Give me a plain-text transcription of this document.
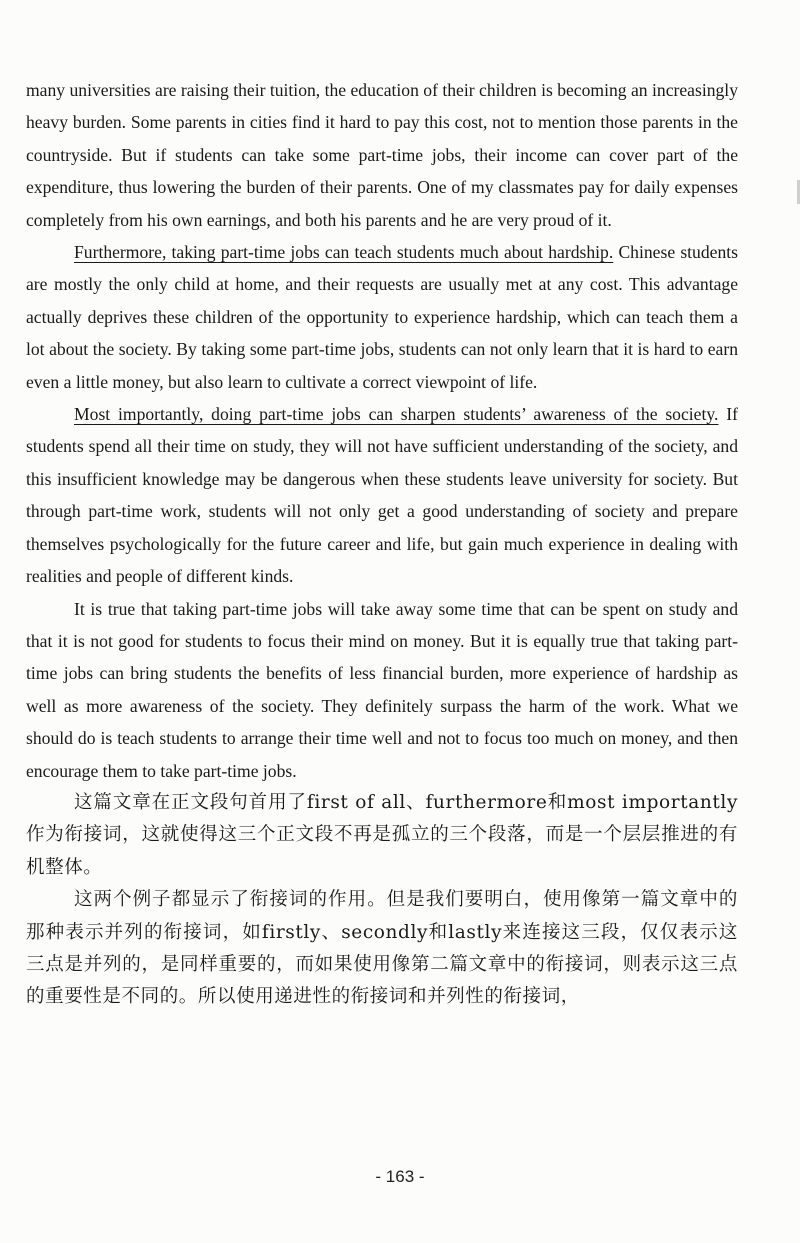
many universities are raising their tuition, the education of their children is becoming an increasingly heavy burden. Some parents in cities find it hard to pay this cost, not to mention those parents in the countryside. But if students can take some part-time jobs, their income can cover part of the expenditure, thus lowering the burden of their parents. One of my classmates pay for daily expenses completely from his own earnings, and both his parents and he are very proud of it.

Furthermore, taking part-time jobs can teach students much about hardship. Chinese students are mostly the only child at home, and their requests are usually met at any cost. This advantage actually deprives these children of the opportunity to experience hardship, which can teach them a lot about the society. By taking some part-time jobs, students can not only learn that it is hard to earn even a little money, but also learn to cultivate a correct viewpoint of life.

Most importantly, doing part-time jobs can sharpen students’ awareness of the society. If students spend all their time on study, they will not have sufficient understanding of the society, and this insufficient knowledge may be dangerous when these students leave university for society. But through part-time work, students will not only get a good understanding of society and prepare themselves psychologically for the future career and life, but gain much experience in dealing with realities and people of different kinds.

It is true that taking part-time jobs will take away some time that can be spent on study and that it is not good for students to focus their mind on money. But it is equally true that taking part-time jobs can bring students the benefits of less financial burden, more experience of hardship as well as more awareness of the society. They definitely surpass the harm of the work. What we should do is teach students to arrange their time well and not to focus too much on money, and then encourage them to take part-time jobs.

这篇文章在正文段句首用了first of all、furthermore和most importantly作为衔接词，这就使得这三个正文段不再是孤立的三个段落，而是一个层层推进的有机整体。

这两个例子都显示了衔接词的作用。但是我们要明白，使用像第一篇文章中的那种表示并列的衔接词，如firstly、secondly和lastly来连接这三段，仅仅表示这三点是并列的，是同样重要的，而如果使用像第二篇文章中的衔接词，则表示这三点的重要性是不同的。所以使用递进性的衔接词和并列性的衔接词，

- 163 -
